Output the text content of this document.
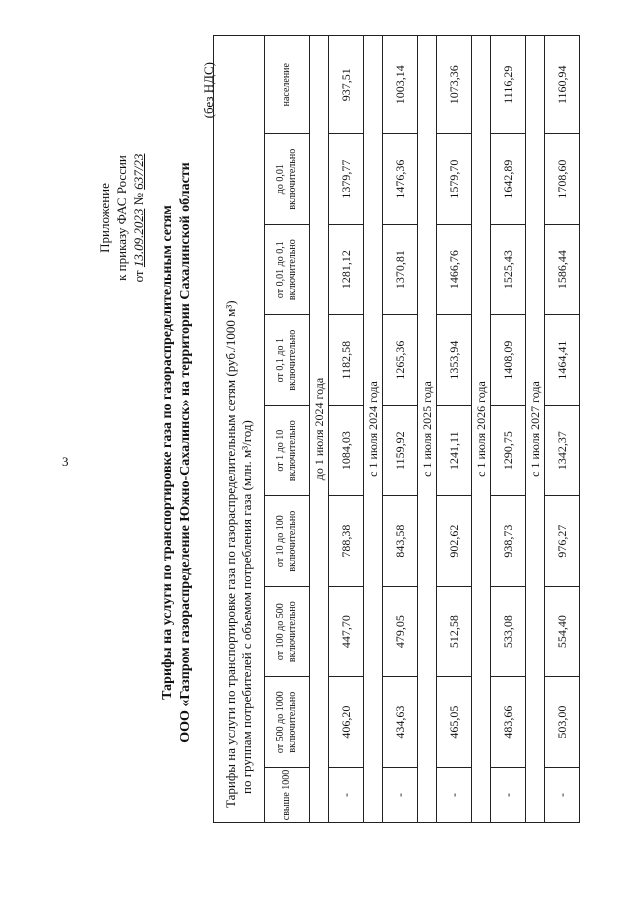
3
Приложение к приказу ФАС России от 13.09.2023 № 637/23
Тарифы на услуги по транспортировке газа по газораспределительным сетям ООО «Газпром газораспределение Южно-Сахалинск» на территории Сахалинской области
(без НДС)
Тарифы на услуги по транспортировке газа по газораспределительным сетям (руб./1000 м³) по группам потребителей с объемом потребления газа (млн. м³/год)								

свыше 1000	от 500 до 1000 включительно	от 100 до 500 включительно	от 10 до 100 включительно	от 1 до 10 включительно	от 0,1 до 1 включительно	от 0,01 до 0,1 включительно	до 0,01 включительно	население
до 1 июля 2024 года								
-	406,20	447,70	788,38	1084,03	1182,58	1281,12	1379,77	937,51
с 1 июля 2024 года								
-	434,63	479,05	843,58	1159,92	1265,36	1370,81	1476,36	1003,14
с 1 июля 2025 года								
-	465,05	512,58	902,62	1241,11	1353,94	1466,76	1579,70	1073,36
с 1 июля 2026 года								
-	483,66	533,08	938,73	1290,75	1408,09	1525,43	1642,89	1116,29
с 1 июля 2027 года								
-	503,00	554,40	976,27	1342,37	1464,41	1586,44	1708,60	1160,94
